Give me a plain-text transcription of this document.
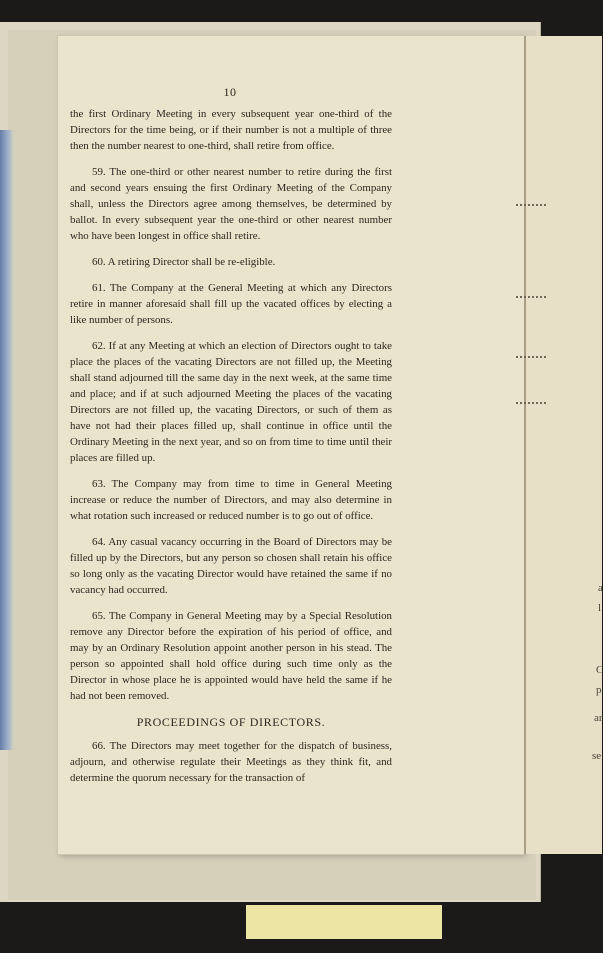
a
l
C
p
ar
se
10

the first Ordinary Meeting in every subsequent year one-third of the Directors for the time being, or if their number is not a multiple of three then the number nearest to one-third, shall retire from office.

59. The one-third or other nearest number to retire during the first and second years ensuing the first Ordinary Meeting of the Company shall, unless the Directors agree among themselves, be determined by ballot. In every subsequent year the one-third or other nearest number who have been longest in office shall retire.

60. A retiring Director shall be re-eligible.

61. The Company at the General Meeting at which any Directors retire in manner aforesaid shall fill up the vacated offices by electing a like number of persons.

62. If at any Meeting at which an election of Directors ought to take place the places of the vacating Directors are not filled up, the Meeting shall stand adjourned till the same day in the next week, at the same time and place; and if at such adjourned Meeting the places of the vacating Directors are not filled up, the vacating Directors, or such of them as have not had their places filled up, shall continue in office until the Ordinary Meeting in the next year, and so on from time to time until their places are filled up.

63. The Company may from time to time in General Meeting increase or reduce the number of Directors, and may also determine in what rotation such increased or reduced number is to go out of office.

64. Any casual vacancy occurring in the Board of Directors may be filled up by the Directors, but any person so chosen shall retain his office so long only as the vacating Director would have retained the same if no vacancy had occurred.

65. The Company in General Meeting may by a Special Resolution remove any Director before the expiration of his period of office, and may by an Ordinary Resolution appoint another person in his stead. The person so appointed shall hold office during such time only as the Director in whose place he is appointed would have held the same if he had not been removed.

PROCEEDINGS OF DIRECTORS.

66. The Directors may meet together for the dispatch of business, adjourn, and otherwise regulate their Meetings as they think fit, and determine the quorum necessary for the transaction of
